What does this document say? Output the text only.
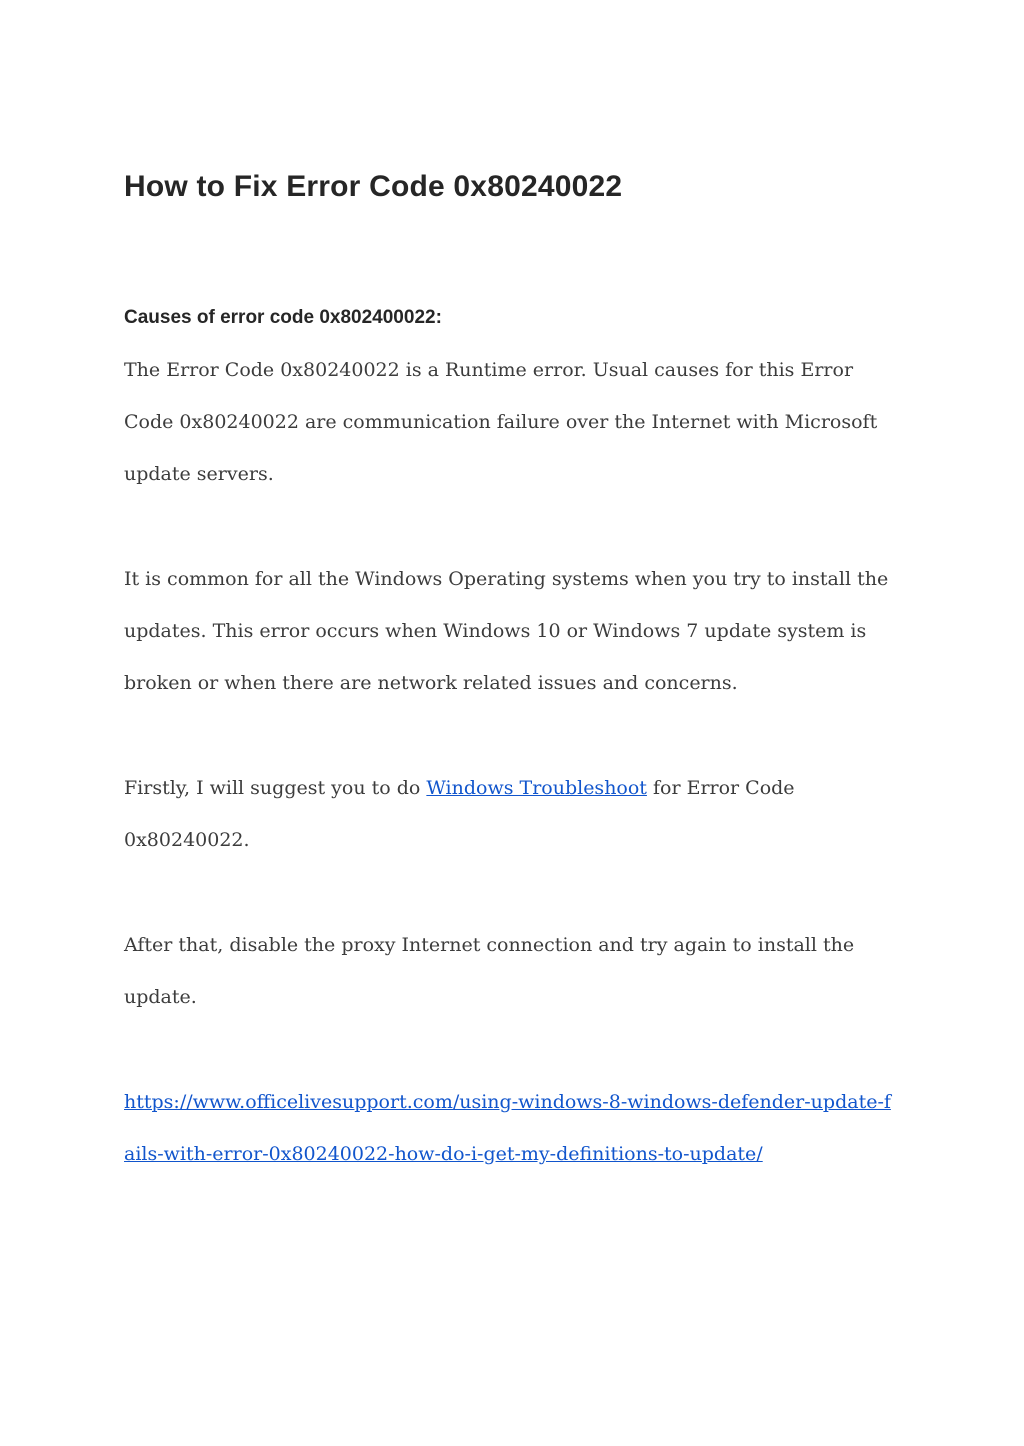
How to Fix Error Code 0x80240022
Causes of error code 0x802400022:

The Error Code 0x80240022 is a Runtime error. Usual causes for this Error Code 0x80240022 are communication failure over the Internet with Microsoft update servers.

It is common for all the Windows Operating systems when you try to install the updates. This error occurs when Windows 10 or Windows 7 update system is broken or when there are network related issues and concerns.

Firstly, I will suggest you to do Windows Troubleshoot for Error Code 0x80240022.

After that, disable the proxy Internet connection and try again to install the update.

https://www.officelivesupport.com/using-windows-8-windows-defender-update-fails-with-error-0x80240022-how-do-i-get-my-definitions-to-update/
